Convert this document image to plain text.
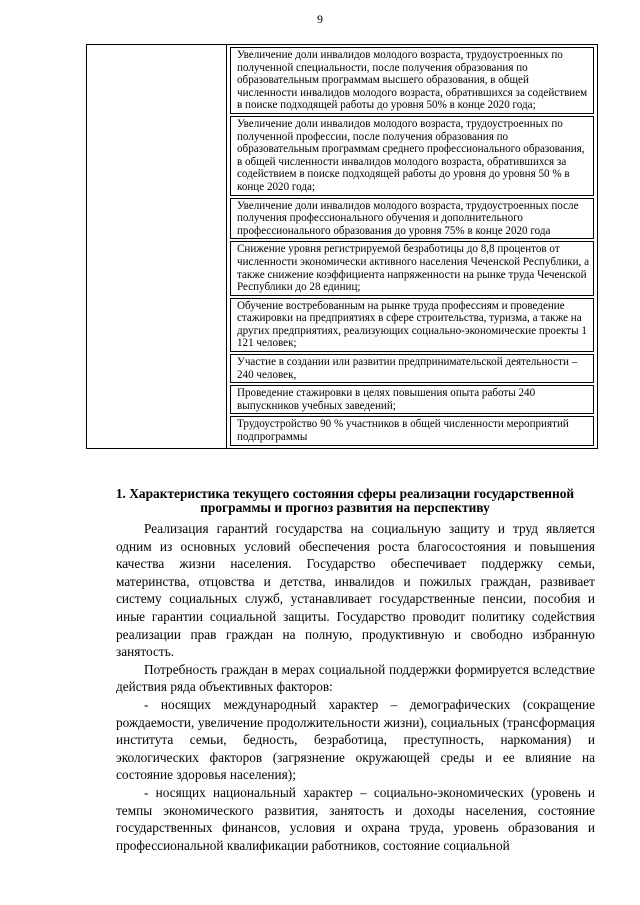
9

Увеличение доли инвалидов молодого возраста, трудоустроенных по полученной специальности, после получения образования по образовательным программам высшего образования, в общей численности инвалидов молодого возраста, обратившихся за содействием в поиске подходящей работы до уровня 50% в конце 2020 года;
Увеличение доли инвалидов молодого возраста, трудоустроенных по полученной профессии, после получения образования по образовательным программам среднего профессионального образования, в общей численности инвалидов молодого возраста, обратившихся за содействием в поиске подходящей работы до уровня до уровня 50 % в конце 2020 года;
Увеличение доли инвалидов молодого возраста, трудоустроенных после получения профессионального обучения и дополнительного профессионального образования до уровня 75% в конце 2020 года
Снижение уровня регистрируемой безработицы до 8,8 процентов от численности экономически активного населения Чеченской Республики, а также снижение коэффициента напряженности на рынке труда Чеченской Республики до 28 единиц;
Обучение востребованным на рынке труда профессиям и проведение стажировки на предприятиях в сфере строительства, туризма, а также на других предприятиях, реализующих социально-экономические проекты 1 121 человек;
Участие в создании или развитии предпринимательской деятельности – 240 человек,
Проведение стажировки в целях повышения опыта работы 240 выпускников учебных заведений;
Трудоустройство 90 % участников в общей численности мероприятий подпрограммы
1. Характеристика текущего состояния сферы реализации государственной программы и прогноз развития на перспективу

Реализация гарантий государства на социальную защиту и труд является одним из основных условий обеспечения роста благосостояния и повышения качества жизни населения. Государство обеспечивает поддержку семьи, материнства, отцовства и детства, инвалидов и пожилых граждан, развивает систему социальных служб, устанавливает государственные пенсии, пособия и иные гарантии социальной защиты. Государство проводит политику содействия реализации прав граждан на полную, продуктивную и свободно избранную занятость.

Потребность граждан в мерах социальной поддержки формируется вследствие действия ряда объективных факторов:

- носящих международный характер – демографических (сокращение рождаемости, увеличение продолжительности жизни), социальных (трансформация института семьи, бедность, безработица, преступность, наркомания) и экологических факторов (загрязнение окружающей среды и ее влияние на состояние здоровья населения);

- носящих национальный характер – социально-экономических (уровень и темпы экономического развития, занятость и доходы населения, состояние государственных финансов, условия и охрана труда, уровень образования и профессиональной квалификации работников, состояние социальной
